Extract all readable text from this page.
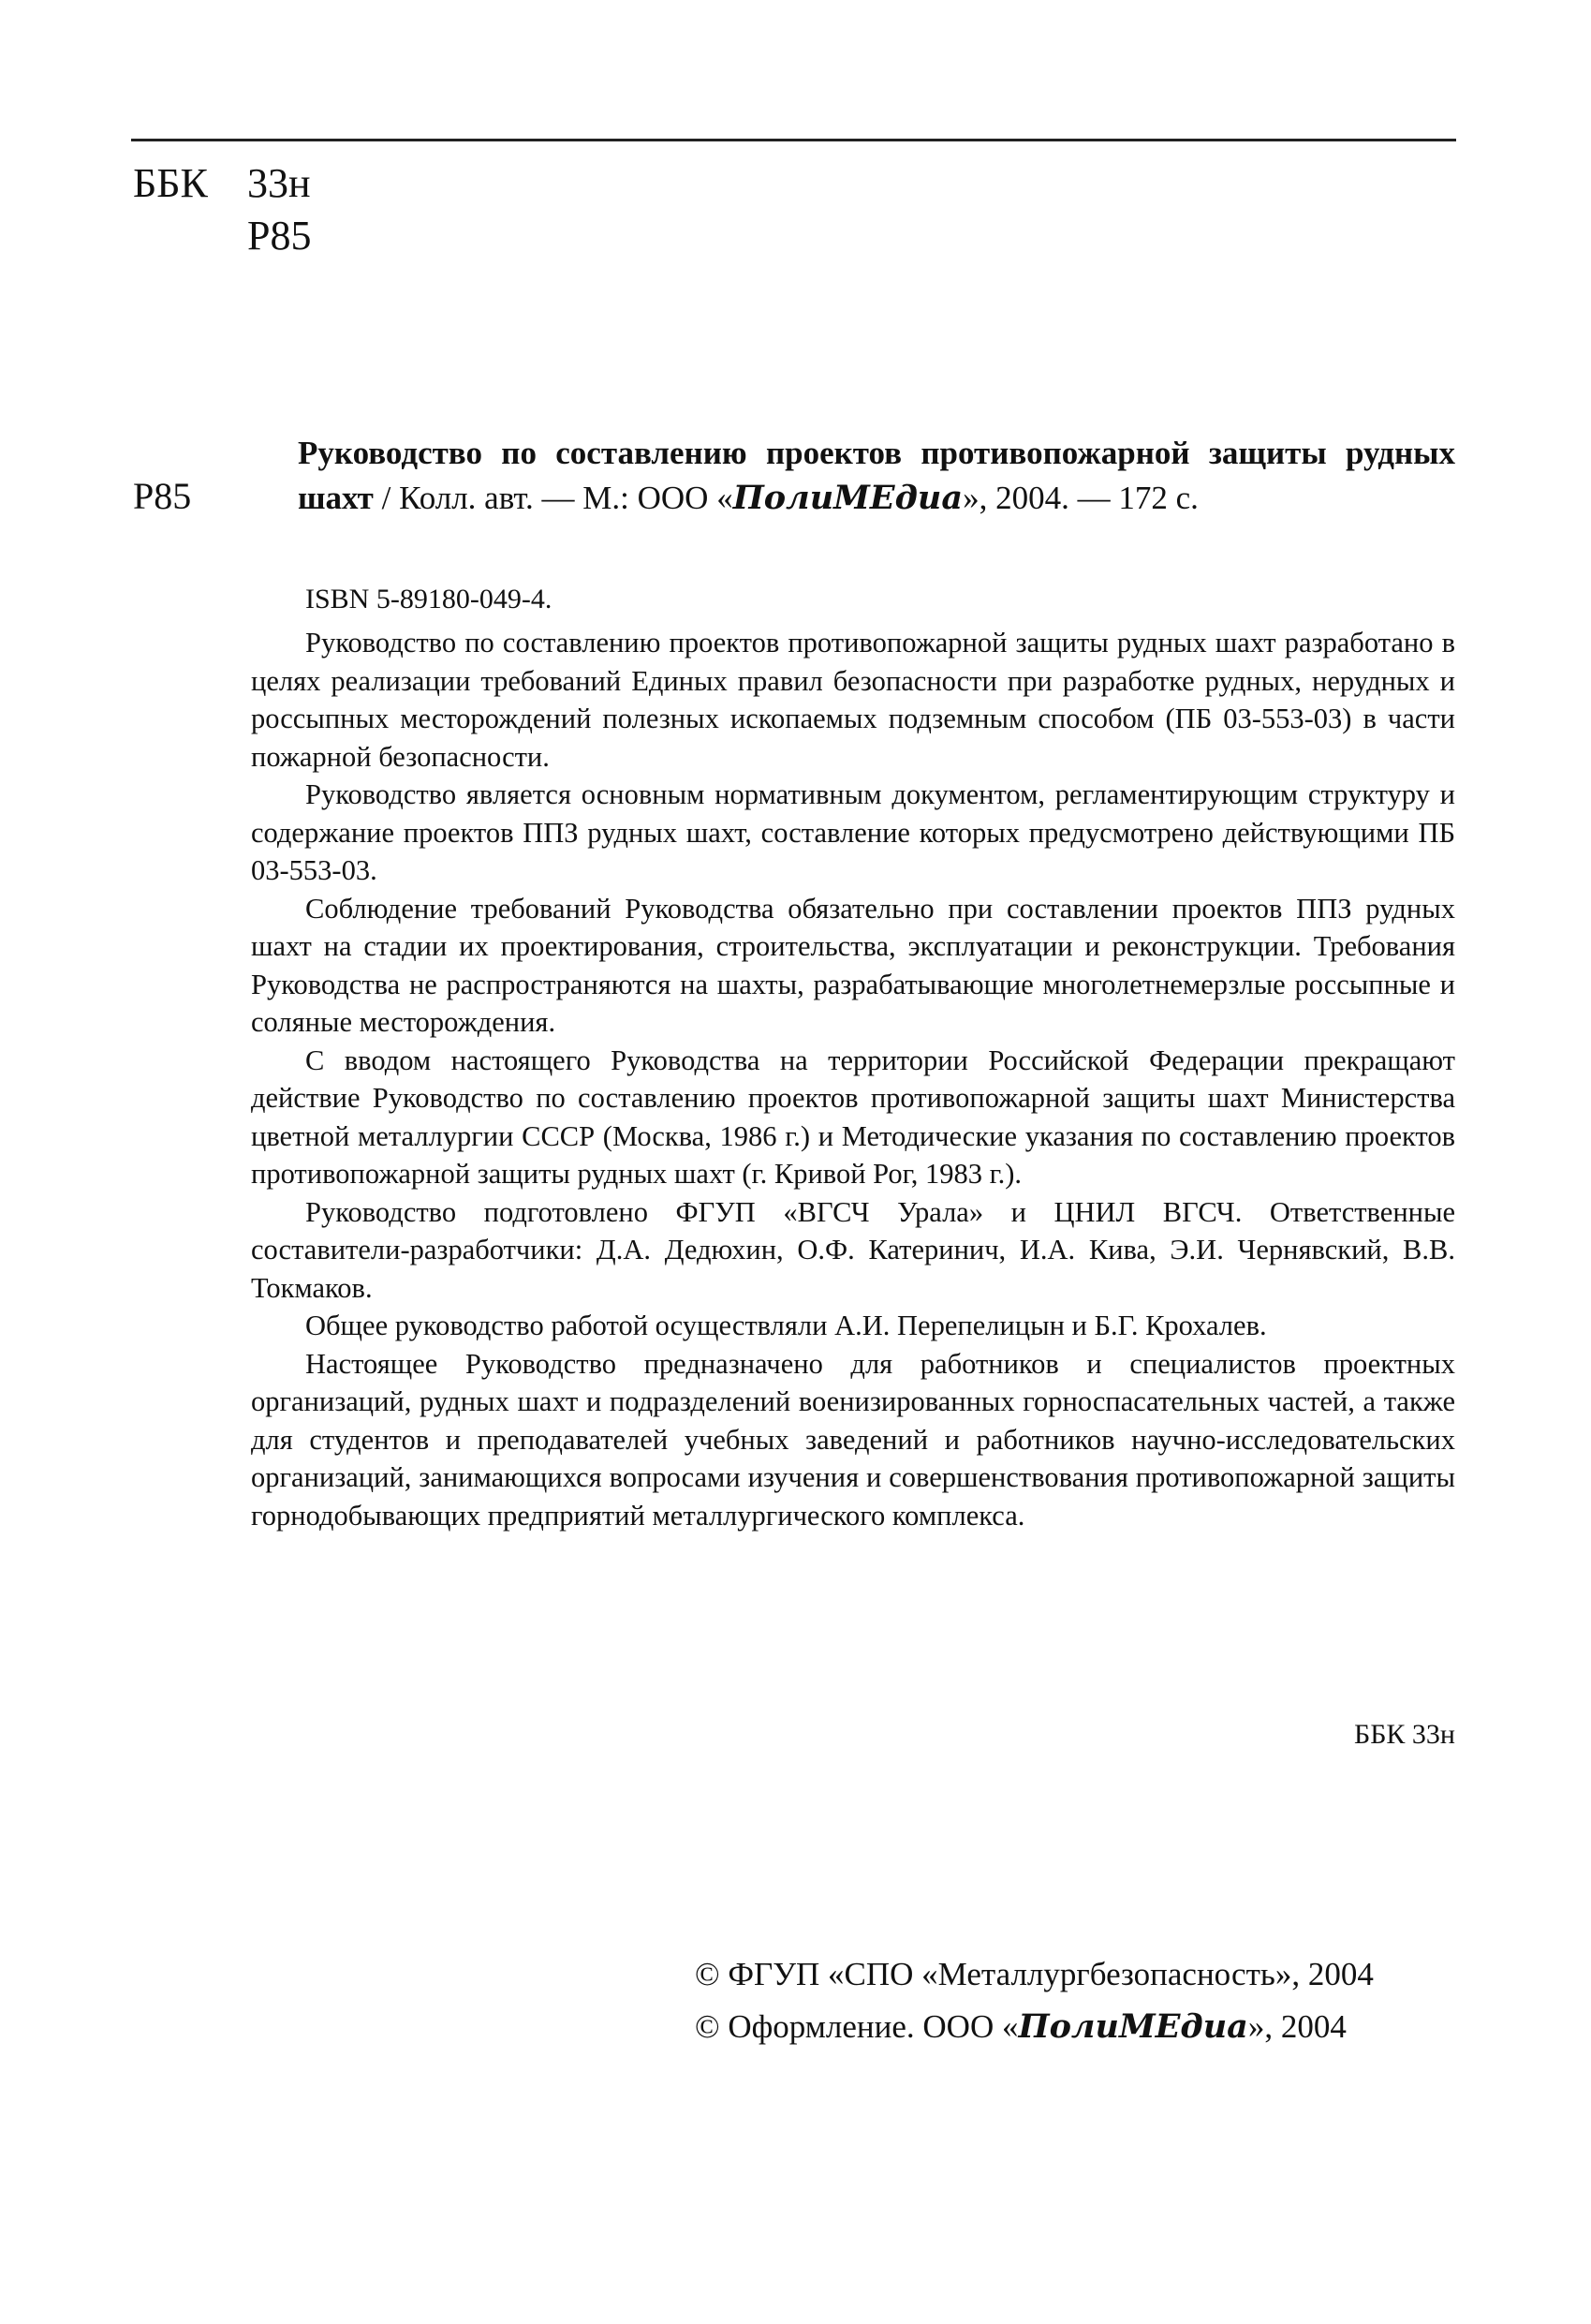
ББК 33н
Р85
Р85
Руководство по составлению проектов противопожарной защиты рудных
шахт / Колл. авт. — М.: ООО «ПолиМЕдиа», 2004. — 172 с.
ISBN 5-89180-049-4.

Руководство по составлению проектов противопожарной защиты рудных шахт разработано в целях реализации требований Единых правил безопасности при разработке рудных, нерудных и россыпных месторождений полезных ископаемых подземным способом (ПБ 03-553-03) в части пожарной безопасности.

Руководство является основным нормативным документом, регламентирующим структуру и содержание проектов ППЗ рудных шахт, составление которых предусмотрено действующими ПБ 03-553-03.

Соблюдение требований Руководства обязательно при составлении проектов ППЗ рудных шахт на стадии их проектирования, строительства, эксплуатации и реконструкции. Требования Руководства не распространяются на шахты, разрабатывающие многолетнемерзлые россыпные и соляные месторождения.

С вводом настоящего Руководства на территории Российской Федерации прекращают действие Руководство по составлению проектов противопожарной защиты шахт Министерства цветной металлургии СССР (Москва, 1986 г.) и Методические указания по составлению проектов противопожарной защиты рудных шахт (г. Кривой Рог, 1983 г.).

Руководство подготовлено ФГУП «ВГСЧ Урала» и ЦНИЛ ВГСЧ. Ответственные составители-разработчики: Д.А. Дедюхин, О.Ф. Катеринич, И.А. Кива, Э.И. Чернявский, В.В. Токмаков.

Общее руководство работой осуществляли А.И. Перепелицын и Б.Г. Крохалев.

Настоящее Руководство предназначено для работников и специалистов проектных организаций, рудных шахт и подразделений военизированных горноспасательных частей, а также для студентов и преподавателей учебных заведений и работников научно-исследовательских организаций, занимающихся вопросами изучения и совершенствования противопожарной защиты горнодобывающих предприятий металлургического комплекса.

ББК 33н
© ФГУП «СПО «Металлургбезопасность», 2004
© Оформление. ООО «ПолиМЕдиа», 2004
